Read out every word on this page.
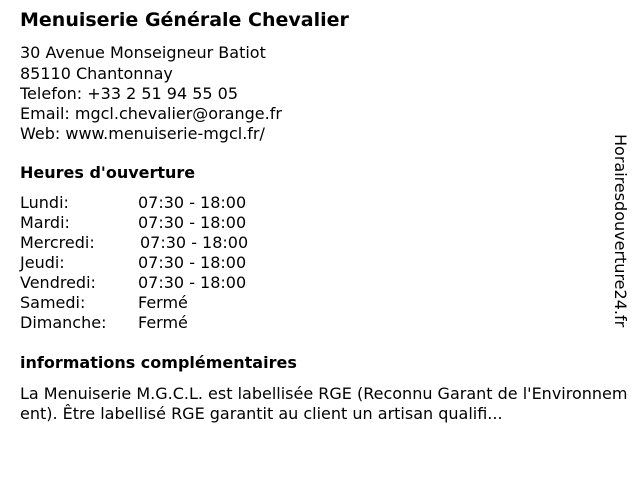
Menuiserie Générale Chevalier
30 Avenue Monseigneur Batiot
85110 Chantonnay
Telefon: +33 2 51 94 55 05
Email: mgcl.chevalier@orange.fr
Web: www.menuiserie-mgcl.fr/
Heures d'ouverture
Lundi:	07:30 - 18:00
Mardi:	07:30 - 18:00
Mercredi:	07:30 - 18:00
Jeudi:	07:30 - 18:00
Vendredi:	07:30 - 18:00
Samedi:	Fermé
Dimanche: Fermé
informations complémentaires
La Menuiserie M.G.C.L. est labellisée RGE (Reconnu Garant de l'Environnement). Être labellisé RGE garantit au client un artisan qualifi...
Horairesdouverture24.fr
